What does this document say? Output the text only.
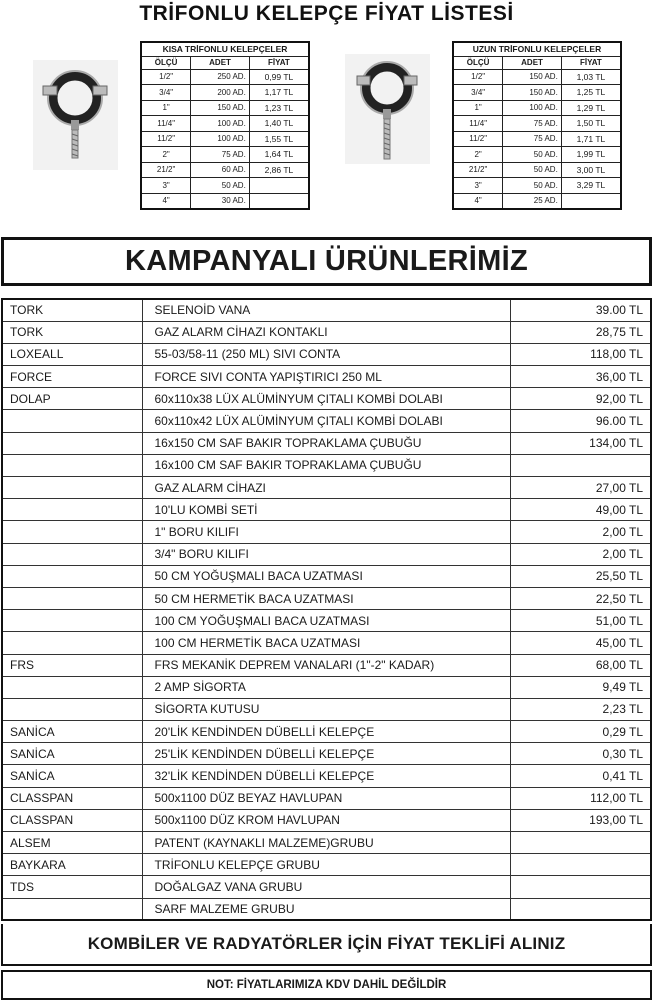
TRİFONLU KELEPÇE FİYAT LİSTESİ
KISA TRİFONLU KELEPÇELER		
ÖLÇÜ	ADET	FİYAT
1/2"	250 AD.	0,99 TL
3/4"	200 AD.	1,17 TL
1"	150 AD.	1,23 TL
11/4"	100 AD.	1,40 TL
11/2"	100 AD.	1,55 TL
2"	75 AD.	1,64 TL
21/2"	60 AD.	2,86 TL
3"	50 AD.	
4"	30 AD.	
UZUN TRİFONLU KELEPÇELER		
ÖLÇÜ	ADET	FİYAT
1/2"	150 AD.	1,03 TL
3/4"	150 AD.	1,25 TL
1"	100 AD.	1,29 TL
11/4"	75 AD.	1,50 TL
11/2"	75 AD.	1,71 TL
2"	50 AD.	1,99 TL
21/2"	50 AD.	3,00 TL
3"	50 AD.	3,29 TL
4"	25 AD.	
KAMPANYALI ÜRÜNLERİMİZ
TORK	SELENOİD VANA	39.00 TL
TORK	GAZ ALARM CİHAZI KONTAKLI	28,75 TL
LOXEALL	55-03/58-11 (250 ML) SIVI CONTA	118,00 TL
FORCE	FORCE SIVI CONTA YAPIŞTIRICI 250 ML	36,00 TL
DOLAP	60x110x38 LÜX ALÜMİNYUM ÇITALI KOMBİ DOLABI	92,00 TL
	60x110x42 LÜX ALÜMİNYUM ÇITALI KOMBİ DOLABI	96.00 TL
	16x150 CM SAF BAKIR TOPRAKLAMA ÇUBUĞU	134,00 TL
	16x100 CM SAF BAKIR TOPRAKLAMA ÇUBUĞU	
	GAZ ALARM CİHAZI	27,00 TL
	10'LU KOMBİ SETİ	49,00 TL
	1" BORU KILIFI	2,00 TL
	3/4" BORU KILIFI	2,00 TL
	50 CM YOĞUŞMALI BACA UZATMASI	25,50 TL
	50 CM HERMETİK BACA UZATMASI	22,50 TL
	100 CM YOĞUŞMALI BACA UZATMASI	51,00 TL
	100 CM HERMETİK BACA UZATMASI	45,00 TL
FRS	FRS MEKANİK DEPREM VANALARI (1"-2" KADAR)	68,00 TL
	2 AMP SİGORTA	9,49 TL
	SİGORTA KUTUSU	2,23 TL
SANİCA	20'LİK KENDİNDEN DÜBELLİ KELEPÇE	0,29 TL
SANİCA	25'LİK KENDİNDEN DÜBELLİ KELEPÇE	0,30 TL
SANİCA	32'LİK KENDİNDEN DÜBELLİ KELEPÇE	0,41 TL
CLASSPAN	500x1100 DÜZ BEYAZ HAVLUPAN	112,00 TL
CLASSPAN	500x1100 DÜZ KROM HAVLUPAN	193,00 TL
ALSEM	PATENT (KAYNAKLI MALZEME)GRUBU	
BAYKARA	TRİFONLU KELEPÇE GRUBU	
TDS	DOĞALGAZ VANA GRUBU	
	SARF MALZEME GRUBU	
KOMBİLER VE RADYATÖRLER İÇİN FİYAT TEKLİFİ ALINIZ
NOT: FİYATLARIMIZA KDV DAHİL DEĞİLDİR
